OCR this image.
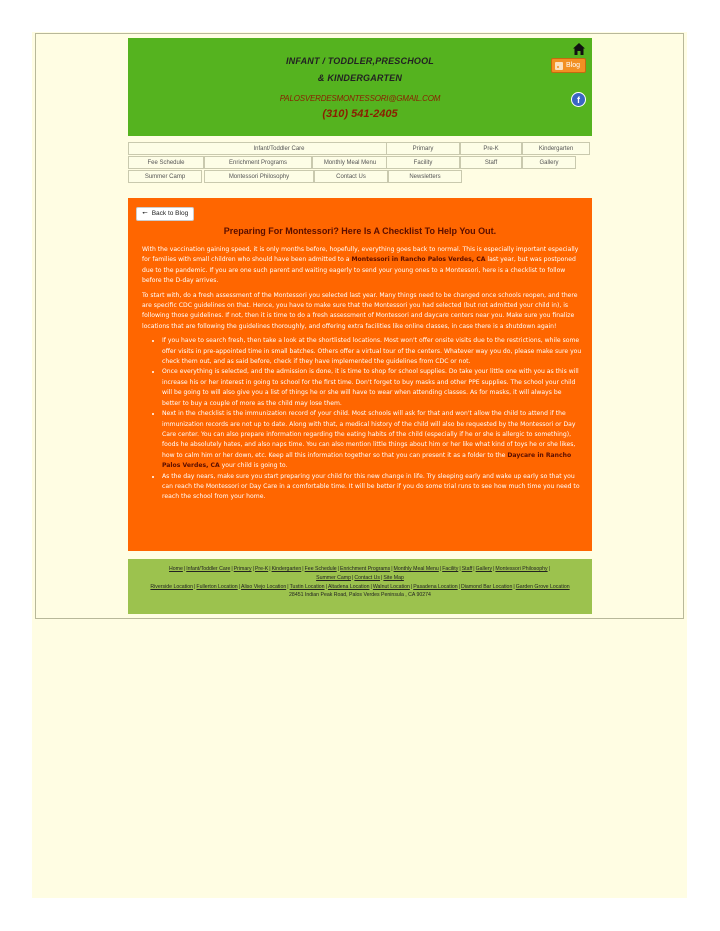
INFANT / TODDLER,PRESCHOOL
& KINDERGARTEN
PALOSVERDESMONTESSORI@GMAIL.COM
(310) 541-2405
Blog
f
Infant/Toddler Care	Primary	Pre-K	Kindergarten
Fee Schedule	Enrichment Programs	Monthly Meal Menu	Facility	Staff	Gallery
Summer Camp	Montessori Philosophy	Contact Us	Newsletters
🠔 Back to Blog
Preparing For Montessori? Here Is A Checklist To Help You Out.

With the vaccination gaining speed, it is only months before, hopefully, everything goes back to normal. This is especially important especially for families with small children who should have been admitted to a Montessori in Rancho Palos Verdes, CA last year, but was postponed due to the pandemic. If you are one such parent and waiting eagerly to send your young ones to a Montessori, here is a checklist to follow before the D-day arrives.

To start with, do a fresh assessment of the Montessori you selected last year. Many things need to be changed once schools reopen, and there are specific CDC guidelines on that. Hence, you have to make sure that the Montessori you had selected (but not admitted your child in), is following those guidelines. If not, then it is time to do a fresh assessment of Montessori and daycare centers near you. Make sure you finalize locations that are following the guidelines thoroughly, and offering extra facilities like online classes, in case there is a shutdown again!

• If you have to search fresh, then take a look at the shortlisted locations. Most won't offer onsite visits due to the restrictions, while some offer visits in pre-appointed time in small batches. Others offer a virtual tour of the centers. Whatever way you do, please make sure you check them out, and as said before, check if they have implemented the guidelines from CDC or not.
• Once everything is selected, and the admission is done, it is time to shop for school supplies. Do take your little one with you as this will increase his or her interest in going to school for the first time. Don't forget to buy masks and other PPE supplies. The school your child will be going to will also give you a list of things he or she will have to wear when attending classes. As for masks, it will always be better to buy a couple of more as the child may lose them.
• Next in the checklist is the immunization record of your child. Most schools will ask for that and won't allow the child to attend if the immunization records are not up to date. Along with that, a medical history of the child will also be requested by the Montessori or Day Care center. You can also prepare information regarding the eating habits of the child (especially if he or she is allergic to something), foods he absolutely hates, and also naps time. You can also mention little things about him or her like what kind of toys he or she likes, how to calm him or her down, etc. Keep all this information together so that you can present it as a folder to the Daycare in Rancho Palos Verdes, CA your child is going to.
• As the day nears, make sure you start preparing your child for this new change in life. Try sleeping early and wake up early so that you can reach the Montessori or Day Care in a comfortable time. It will be better if you do some trial runs to see how much time you need to reach the school from your home.
Home|Infant/Toddler Care|Primary|Pre-K|Kindergarten|Fee Schedule|Enrichment Programs|Monthly Meal Menu|Facility|Staff|Gallery|Montessori Philosophy|
Summer Camp|Contact Us|Site Map
Riverside Location|Fullerton Location|Aliso Viejo Location|Tustin Location|Altadena Location|Walnut Location|Pasadena Location|Diamond Bar Location|Garden Grove Location
28451 Indian Peak Road, Palos Verdes Peninsula , CA 90274
